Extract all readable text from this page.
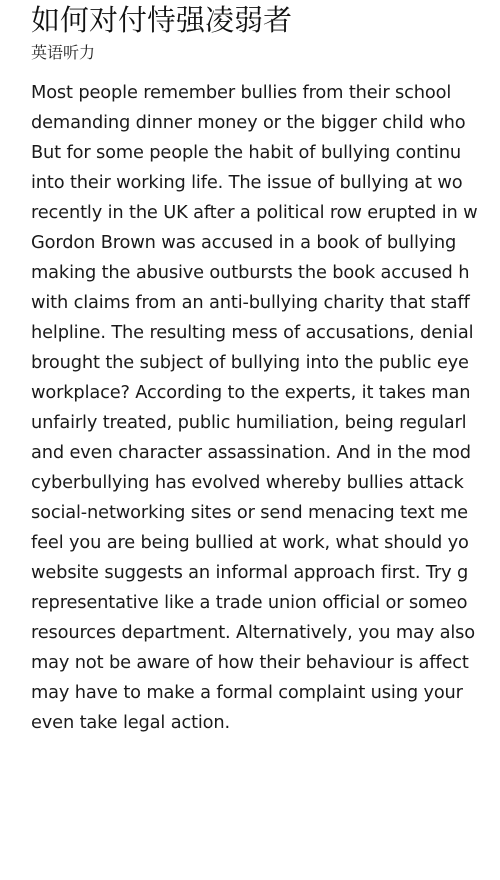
如何对付恃强凌弱者
英语听力
Most people remember bullies from their school
demanding dinner money or the bigger child who
But for some people the habit of bullying continu
into their working life. The issue of bullying at wo
recently in the UK after a political row erupted in w
Gordon Brown was accused in a book of bullying
making the abusive outbursts the book accused h
with claims from an anti-bullying charity that staff
helpline. The resulting mess of accusations, denial
brought the subject of bullying into the public eye
workplace? According to the experts, it takes man
unfairly treated, public humiliation, being regularl
and even character assassination. And in the mod
cyberbullying has evolved whereby bullies attack
social-networking sites or send menacing text me
feel you are being bullied at work, what should yo
website suggests an informal approach first. Try g
representative like a trade union official or someo
resources department. Alternatively, you may also
may not be aware of how their behaviour is affect
may have to make a formal complaint using your
even take legal action.
